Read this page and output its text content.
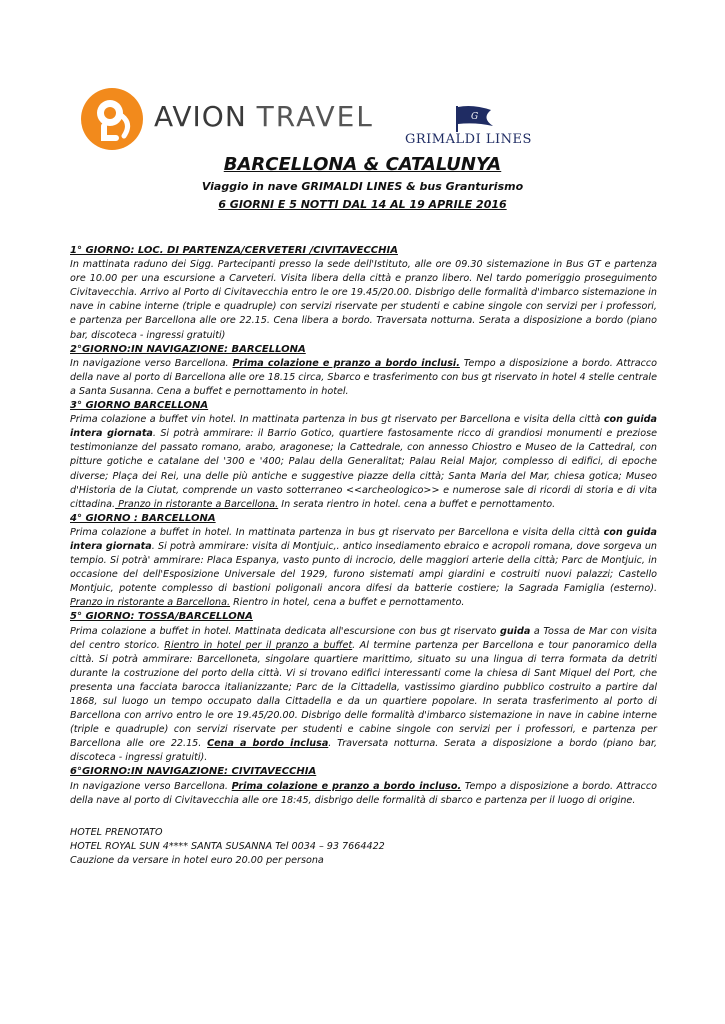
AVION TRAVEL	G
GRIMALDI LINES
BARCELLONA & CATALUNYA
Viaggio in nave GRIMALDI LINES & bus Granturismo
6 GIORNI E 5 NOTTI DAL 14 AL 19 APRILE 2016

1° GIORNO: LOC. DI PARTENZA/CERVETERI /CIVITAVECCHIA

In mattinata raduno dei Sigg. Partecipanti presso la sede dell'Istituto, alle ore 09.30 sistemazione in Bus GT e partenza ore 10.00 per una escursione a Carveteri. Visita libera della città e pranzo libero. Nel tardo pomeriggio proseguimento Civitavecchia. Arrivo al Porto di Civitavecchia entro le ore 19.45/20.00. Disbrigo delle formalità d'imbarco sistemazione in nave in cabine interne (triple e quadruple) con servizi riservate per studenti e cabine singole con servizi per i professori, e partenza per Barcellona alle ore 22.15. Cena libera a bordo. Traversata notturna. Serata a disposizione a bordo (piano bar, discoteca - ingressi gratuiti)

2°GIORNO:IN NAVIGAZIONE: BARCELLONA

In navigazione verso Barcellona. Prima colazione e pranzo a bordo inclusi. Tempo a disposizione a bordo. Attracco della nave al porto di Barcellona alle ore 18.15 circa, Sbarco e trasferimento con bus gt riservato in hotel 4 stelle centrale a Santa Susanna. Cena a buffet e pernottamento in hotel.

3° GIORNO BARCELLONA

Prima colazione a buffet vin hotel. In mattinata partenza in bus gt riservato per Barcellona e visita della città con guida intera giornata. Si potrà ammirare: il Barrio Gotico, quartiere fastosamente ricco di grandiosi monumenti e preziose testimonianze del passato romano, arabo, aragonese; la Cattedrale, con annesso Chiostro e Museo de la Cattedral, con pitture gotiche e catalane del '300 e '400; Palau della Generalitat; Palau Reial Major, complesso di edifici, di epoche diverse; Plaça dei Rei, una delle più antiche e suggestive piazze della città; Santa Maria del Mar, chiesa gotica; Museo d'Historia de la Ciutat, comprende un vasto sotterraneo <<archeologico>> e numerose sale di ricordi di storia e di vita cittadina. Pranzo in ristorante a Barcellona. In serata rientro in hotel. cena a buffet e pernottamento.

4° GIORNO : BARCELLONA

Prima colazione a buffet in hotel. In mattinata partenza in bus gt riservato per Barcellona e visita della città con guida intera giornata. Si potrà ammirare: visita di Montjuic,. antico insediamento ebraico e acropoli romana, dove sorgeva un tempio. Si potrà' ammirare: Placa Espanya, vasto punto di incrocio, delle maggiori arterie della città; Parc de Montjuic, in occasione del dell'Esposizione Universale del 1929, furono sistemati ampi giardini e costruiti nuovi palazzi; Castello Montjuic, potente complesso di bastioni poligonali ancora difesi da batterie costiere; la Sagrada Famiglia (esterno). Pranzo in ristorante a Barcellona. Rientro in hotel, cena a buffet e pernottamento.

5° GIORNO: TOSSA/BARCELLONA

Prima colazione a buffet in hotel. Mattinata dedicata all'escursione con bus gt riservato guida a Tossa de Mar con visita del centro storico. Rientro in hotel per il pranzo a buffet. Al termine partenza per Barcellona e tour panoramico della città. Si potrà ammirare: Barcelloneta, singolare quartiere marittimo, situato su una lingua di terra formata da detriti durante la costruzione del porto della città. Vi si trovano edifici interessanti come la chiesa di Sant Miquel del Port, che presenta una facciata barocca italianizzante; Parc de la Cittadella, vastissimo giardino pubblico costruito a partire dal 1868, sul luogo un tempo occupato dalla Cittadella e da un quartiere popolare. In serata trasferimento al porto di Barcellona con arrivo entro le ore 19.45/20.00. Disbrigo delle formalità d'imbarco sistemazione in nave in cabine interne (triple e quadruple) con servizi riservate per studenti e cabine singole con servizi per i professori, e partenza per Barcellona alle ore 22.15. Cena a bordo inclusa. Traversata notturna. Serata a disposizione a bordo (piano bar, discoteca - ingressi gratuiti).

6°GIORNO:IN NAVIGAZIONE: CIVITAVECCHIA

In navigazione verso Barcellona. Prima colazione e pranzo a bordo incluso. Tempo a disposizione a bordo. Attracco della nave al porto di Civitavecchia alle ore 18:45, disbrigo delle formalità di sbarco e partenza per il luogo di origine.

HOTEL PRENOTATO

HOTEL ROYAL SUN 4**** SANTA SUSANNA Tel 0034 – 93 7664422

Cauzione da versare in hotel euro 20.00 per persona
